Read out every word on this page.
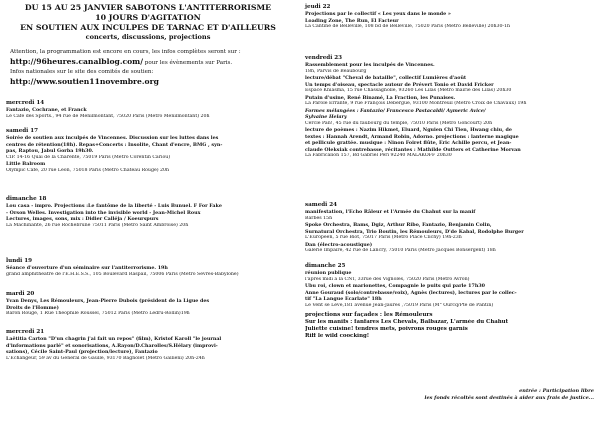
DU 15 AU 25 JANVIER SABOTONS L'ANTITERRORISME
10 JOURS D'AGITATION
EN SOUTIEN AUX INCULPES DE TARNAC ET D'AILLEURS
concerts, discussions, projections
Attention, la programmation est encore en cours, les infos complètes seront sur :
http://96heures.canalblog.com/ pour les évènements sur Paris.
Infos nationales sur le site des comités de soutien:
http://www.soutien11novembre.org
mercredi 14
Fantazio, Cochrane, et Franck
Le Café des Sports., 94 rue de Ménilmontant, 75020 Paris (Métro Ménilmontant) 20h
samedi 17
Soirée de soutien aux inculpés de Vincennes. Discussion sur les luttes dans les
centres de rétention(18h). Repas+Concerts : Insolite, Chant d'encre, BMG , syn-
pas, Raptou, Jabul Gorba 19h30.
CIP. 14-16 Quai de la Charente, 75019 Paris (Métro Corentin Cariou)
Little Balroom
Olympic Café, 20 rue Léon, 75018 Paris (Métro Chateau Rouge) 20h
dimanche 18
Lou casa - impro. Projections :Le fantôme de la liberté - Luis Bunuel. F For Fake
- Orson Welles. Investigation into the invisible world - Jean-Michel Roux
Lectures, images, sons, mix : Didier Calléja / Koeurspurs
La Machinante, 26 rue Rochebrune 75011 Paris (Métro Saint Ambroise) 20h
lundi 19
Séance d'ouverture d'un séminaire sur l'antiterrorisme. 19h
grand amphithéâtre de l'E.H.E.S.S., 105 Boulevard Raspail, 75006 Paris (Métro Sèvres-Babylone)
mardi 20
Yvan Denys, Les Rémouleurs, Jean-Pierre Dubois (président de la Ligue des
Droits de l'Homme)
Baron Rouge, 1 Rue Théophile Roussel, 75012 Paris (Métro Ledru-Rollin)19h
mercredi 21
Laëtitia Carton "D'un chagrin j'ai fait un repos" (film), Kristof Karoll "le journal
d'informations parlé" et sonorisations, A.Rayon/D.Charolles/S.Hélary (improvi-
sations), Cécile Saint-Paul (projection/lecture), Fantazio
L'Echangeur, 59 av du Général de Gaulle, 93170 Bagnolet (Métro Gallieni) 20h-24h
jeudi 22
Projections par le collectif « Les yeux dans le monde »
Loading Zone, The Run, El Facteur
La Cantine de Belleville, 108 bd de Belleville, 75020 Paris (Métro Belleville) 20h30-1h
vendredi 23
Rassemblement pour les inculpés de Vincennes.
18h, Parvis de Beaubourg
lecture/débat "Cheval de bataille", collectif Lumières d'août
Un temps d'oiseau, spectacle autour de Prévert Tonio et David Fricker
Espace Khiasma, 15 rue Chassagnolle, 93260 Les Lilas (Métro mairie des Lilas) 20h30
Putain d'usine, René Binamé, La Fraction, les Punaises.
La Parole Errante, 9 rue François Debergue, 93100 Montreuil (Métro Croix de Chavaux) 19h
Formes mélangées : Fantazio/ Francesco Pastacaldi/ Aymeric Avice/
Sylvaine Helary
Cercle Pan!, 45 rue du faubourg du temple, 75010 Paris (Métro Goncourt) 20h
lecture de poèmes : Nazim Hikmet, Eluard, Nguien Chi Tien, Hwang chiu, de
textes : Hannah Arendt, Armand Robin, Adorno. projections : lanterne magique
et pellicule grattée. musique : Ninon Foiret flûte, Eric Achille percu, et Jean-
claude Oleksiak contrebasse, récitantes : Mathilde Outters et Catherine Morvan
La Fabricalion 157, Bd Gabriel Péri 92240 MALAKOFF 20h30
samedi 24
manifestation, l'Echo Râleur et l'Armée du Chahut sur la manif
Barbès 15h
Spoke Orchestra, Bams, Dgiz, Arthur Ribo, Fantazio, Benjamin Colin,
Surnatural Orchestra, Trio Boutin, les Rémouleurs, D'de Kabal, Rodolphe Burger
L'Européen, 5 rue Biot, 75017 Paris (Métro Place Clichy) 19h-23h
Dan (électro-acoustique)
Galerie Impaire, 42 rue de Lancry, 75010 Paris (Métro Jacques Bonsergent) 18h
dimanche 25
réunion publique
l'après midi à la CNT, 33rue des Vignoles, 75020 Paris (Métro Avron)
Ubu roi, clown et marionettes, Compagnie le puits qui parle 17h30
Anne Gouraud (solo/contrebasse/voix), Agnès (lectures), lectures par le collec-
tif "La Langue Ecarlate" 18h
Le Vent se Lève,181 avenue Jean-Jaurès ,75019 Paris (M° Ourcq/Pte de Pantin)
projections sur façades : les Rémouleurs
Sur les manifs : fanfares Les Chevals, Balbazar, L'armée du Chahut
Juliette cuisine! tendres mets, poivrons rouges garnis
Riff le wild coocking!
entrée : Participation libre
les fonds récoltés sont destinés à aider aux frais de justice...
